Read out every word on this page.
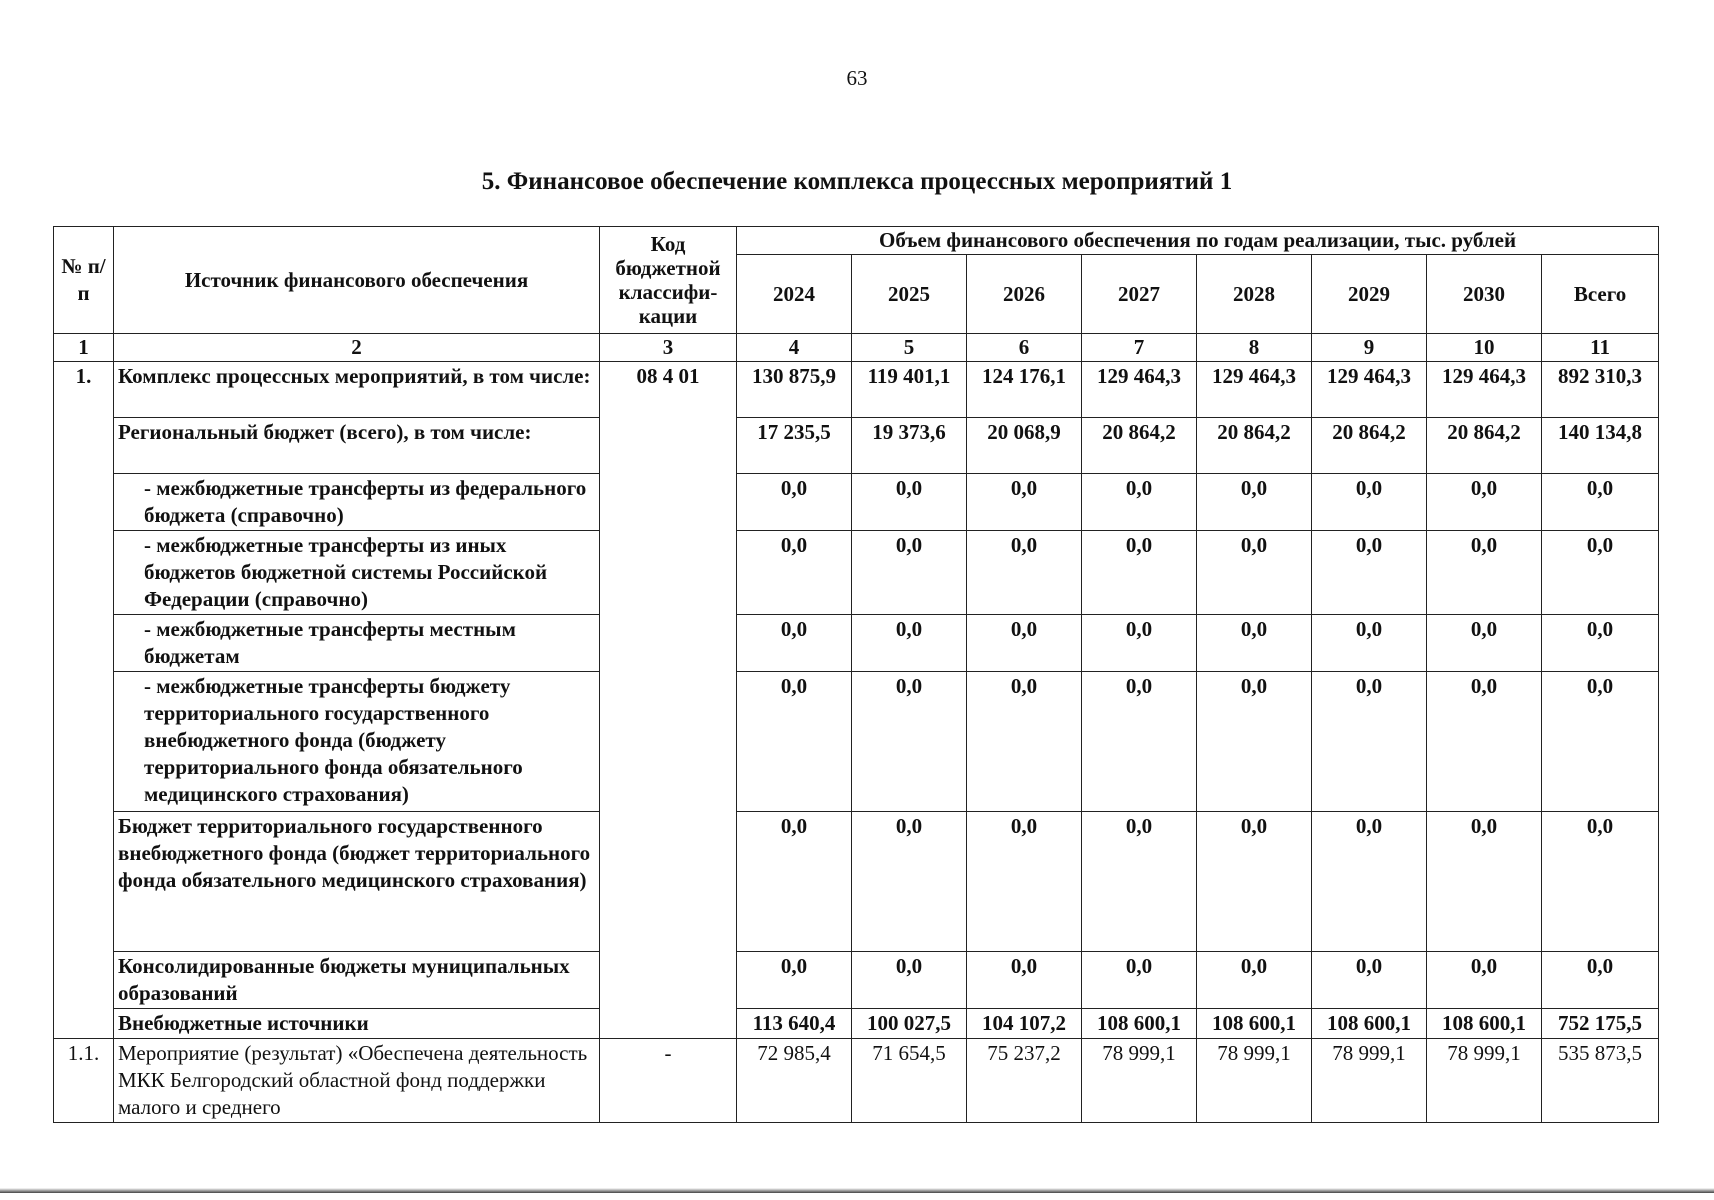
63
5. Финансовое обеспечение комплекса процессных мероприятий 1
№ п/п	Источник финансового обеспечения	Код бюджетной классифи-кации	Объем финансового обеспечения по годам реализации, тыс. рублей							
			2024	2025	2026	2027	2028	2029	2030	Всего
1	2	3	4	5	6	7	8	9	10	11
1.	Комплекс процессных мероприятий, в том числе:	08 4 01	130 875,9	119 401,1	124 176,1	129 464,3	129 464,3	129 464,3	129 464,3	892 310,3
	Региональный бюджет (всего), в том числе:		17 235,5	19 373,6	20 068,9	20 864,2	20 864,2	20 864,2	20 864,2	140 134,8
	- межбюджетные трансферты из федерального бюджета (справочно)		0,0	0,0	0,0	0,0	0,0	0,0	0,0	0,0
	- межбюджетные трансферты из иных бюджетов бюджетной системы Российской Федерации (справочно)		0,0	0,0	0,0	0,0	0,0	0,0	0,0	0,0
	- межбюджетные трансферты местным бюджетам		0,0	0,0	0,0	0,0	0,0	0,0	0,0	0,0
	- межбюджетные трансферты бюджету территориального государственного внебюджетного фонда (бюджету территориального фонда обязательного медицинского страхования)		0,0	0,0	0,0	0,0	0,0	0,0	0,0	0,0
	Бюджет территориального государственного внебюджетного фонда (бюджет территориального фонда обязательного медицинского страхования)		0,0	0,0	0,0	0,0	0,0	0,0	0,0	0,0
	Консолидированные бюджеты муниципальных образований		0,0	0,0	0,0	0,0	0,0	0,0	0,0	0,0
	Внебюджетные источники		113 640,4	100 027,5	104 107,2	108 600,1	108 600,1	108 600,1	108 600,1	752 175,5
1.1.	Мероприятие (результат) «Обеспечена деятельность МКК Белгородский областной фонд поддержки малого и среднего	-	72 985,4	71 654,5	75 237,2	78 999,1	78 999,1	78 999,1	78 999,1	535 873,5
